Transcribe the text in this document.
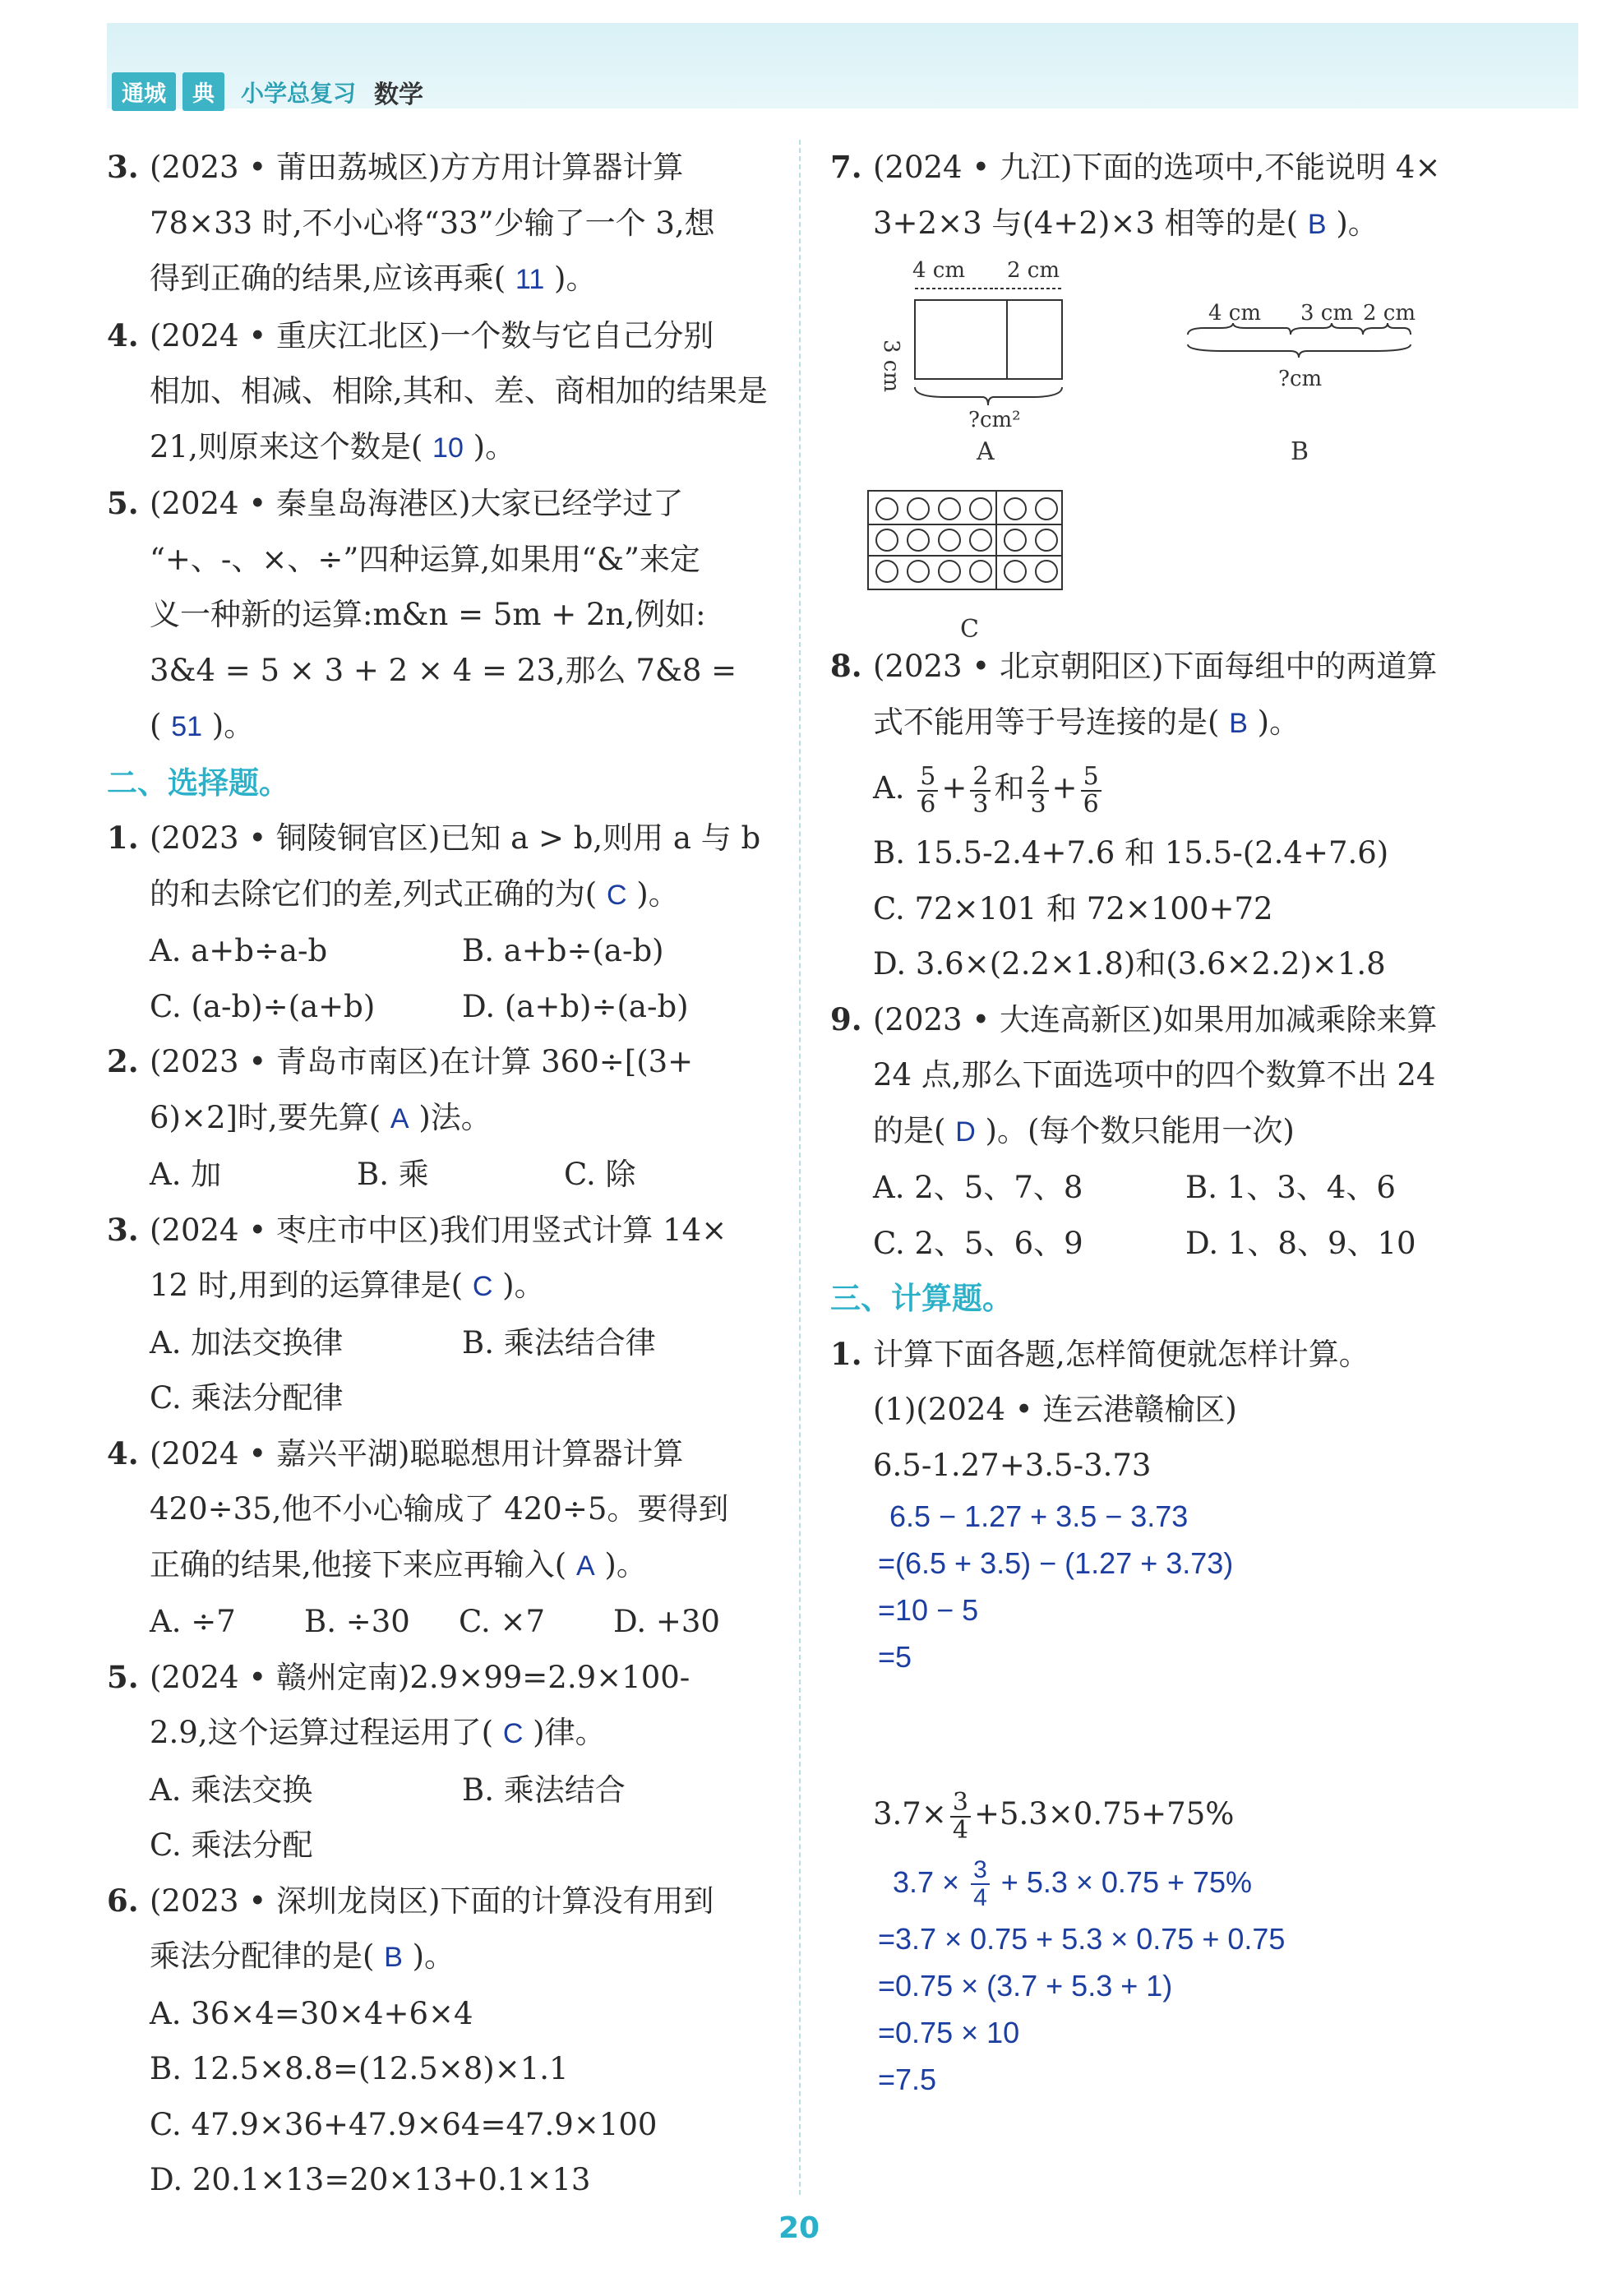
通城	典	小学总复习 数学
3. (2023 • 莆田荔城区)方方用计算器计算
78×33 时,不小心将“33”少输了一个 3,想
得到正确的结果,应该再乘( 11 )。
4. (2024 • 重庆江北区)一个数与它自己分别
相加、相减、相除,其和、差、商相加的结果是
21,则原来这个数是( 10 )。
5. (2024 • 秦皇岛海港区)大家已经学过了
“+、-、×、÷”四种运算,如果用“&”来定
义一种新的运算:m&n = 5m + 2n,例如:
3&4 = 5 × 3 + 2 × 4 = 23,那么 7&8 =
( 51 )。
二、选择题。
1. (2023 • 铜陵铜官区)已知 a > b,则用 a 与 b
的和去除它们的差,列式正确的为( C )。
A. a+b÷a-b	B. a+b÷(a-b)
C. (a-b)÷(a+b)	D. (a+b)÷(a-b)
2. (2023 • 青岛市南区)在计算 360÷[(3+
6)×2]时,要先算( A )法。
A. 加	B. 乘	C. 除
3. (2024 • 枣庄市中区)我们用竖式计算 14×
12 时,用到的运算律是( C )。
A. 加法交换律	B. 乘法结合律
C. 乘法分配律
4. (2024 • 嘉兴平湖)聪聪想用计算器计算
420÷35,他不小心输成了 420÷5。要得到
正确的结果,他接下来应再输入( A )。
A. ÷7	B. ÷30	C. ×7	D. +30
5. (2024 • 赣州定南)2.9×99=2.9×100-
2.9,这个运算过程运用了( C )律。
A. 乘法交换	B. 乘法结合
C. 乘法分配
6. (2023 • 深圳龙岗区)下面的计算没有用到
乘法分配律的是( B )。
A. 36×4=30×4+6×4
B. 12.5×8.8=(12.5×8)×1.1
C. 47.9×36+47.9×64=47.9×100
D. 20.1×13=20×13+0.1×13
7. (2024 • 九江)下面的选项中,不能说明 4×
3+2×3 与(4+2)×3 相等的是( B )。
4 cm 2 cm
3 cm
?cm²
A
4 cm 3 cm 2 cm
?cm
B
C
8. (2023 • 北京朝阳区)下面每组中的两道算
式不能用等于号连接的是( B )。
A. $\frac{5}{6} + \frac{2}{3}$ 和 $\frac{2}{3} + \frac{5}{6}$
B. 15.5-2.4+7.6 和 15.5-(2.4+7.6)
C. 72×101 和 72×100+72
D. 3.6×(2.2×1.8)和(3.6×2.2)×1.8
9. (2023 • 大连高新区)如果用加减乘除来算
24 点,那么下面选项中的四个数算不出 24
的是( D )。(每个数只能用一次)
A. 2、5、7、8	B. 1、3、4、6
C. 2、5、6、9	D. 1、8、9、10
三、计算题。
1. 计算下面各题,怎样简便就怎样计算。
(1)(2024 • 连云港赣榆区)
6.5-1.27+3.5-3.73
6.5 − 1.27 + 3.5 − 3.73
=(6.5 + 3.5) − (1.27 + 3.73)
=10 − 5
=5
$3.7\times \frac{3}{4} +5.3\times 0.75+75\%$
$3.7 \times \frac{3}{4} + 5.3 \times 0.75 + 75\%$
=3.7 × 0.75 + 5.3 × 0.75 + 0.75
=0.75 × (3.7 + 5.3 + 1)
=0.75 × 10
=7.5
20
